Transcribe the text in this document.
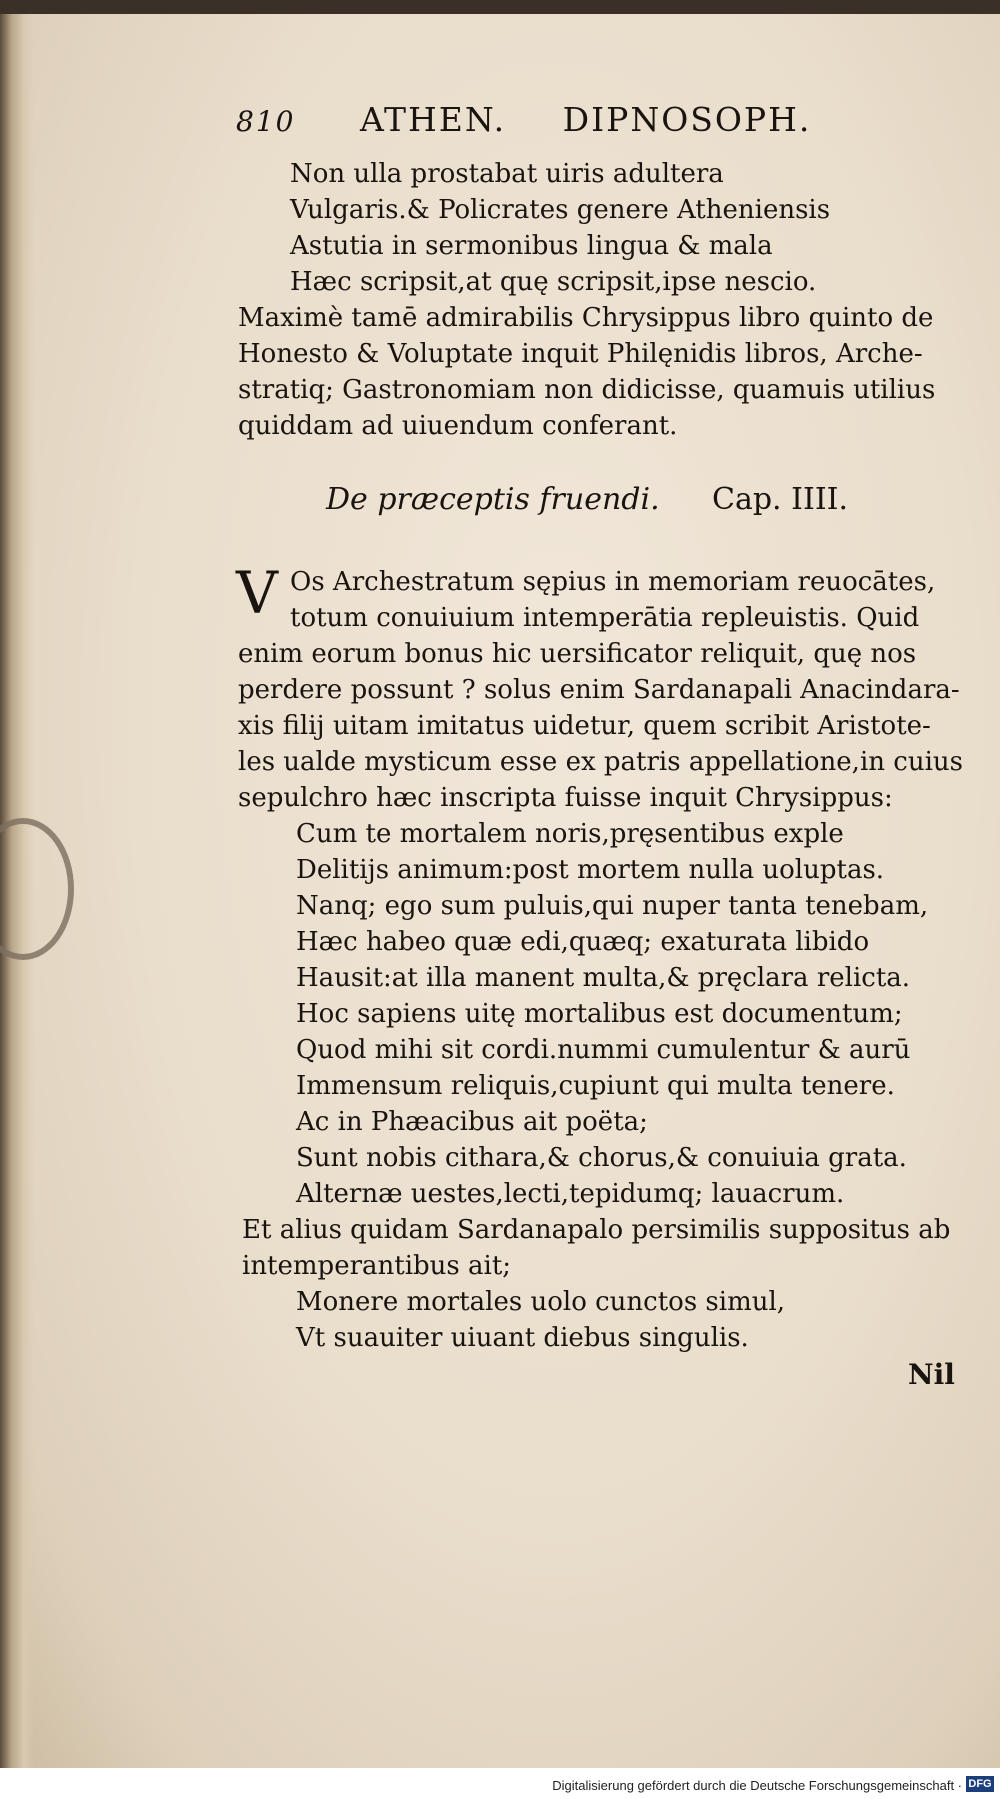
810 ATHEN. DIPNOSOPH.
Non ulla prostabat uiris adultera
Vulgaris.& Policrates genere Atheniensis
Astutia in sermonibus lingua & mala
Hæc scripsit,at quę scripsit,ipse nescio.
Maximè tamē admirabilis Chrysippus libro quinto de
Honesto & Voluptate inquit Philęnidis libros, Arche-
stratiq; Gastronomiam non didicisse, quamuis utilius
quiddam ad uiuendum conferant.
De præceptis fruendi. Cap. IIII.
V Os Archestratum sępius in memoriam reuocātes,
totum conuiuium intemperātia repleuistis. Quid
enim eorum bonus hic uersificator reliquit, quę nos
perdere possunt ? solus enim Sardanapali Anacindara-
xis filij uitam imitatus uidetur, quem scribit Aristote-
les ualde mysticum esse ex patris appellatione,in cuius
sepulchro hæc inscripta fuisse inquit Chrysippus:
Cum te mortalem noris,pręsentibus exple
Delitijs animum:post mortem nulla uoluptas.
Nanq; ego sum puluis,qui nuper tanta tenebam,
Hæc habeo quæ edi,quæq; exaturata libido
Hausit:at illa manent multa,& pręclara relicta.
Hoc sapiens uitę mortalibus est documentum;
Quod mihi sit cordi.nummi cumulentur & aurū
Immensum reliquis,cupiunt qui multa tenere.
Ac in Phæacibus ait poëta;
Sunt nobis cithara,& chorus,& conuiuia grata.
Alternæ uestes,lecti,tepidumq; lauacrum.
Et alius quidam Sardanapalo persimilis suppositus ab
intemperantibus ait;
Monere mortales uolo cunctos simul,
Vt suauiter uiuant diebus singulis.
Nil
Digitalisierung gefördert durch die Deutsche Forschungsgemeinschaft · DFG
